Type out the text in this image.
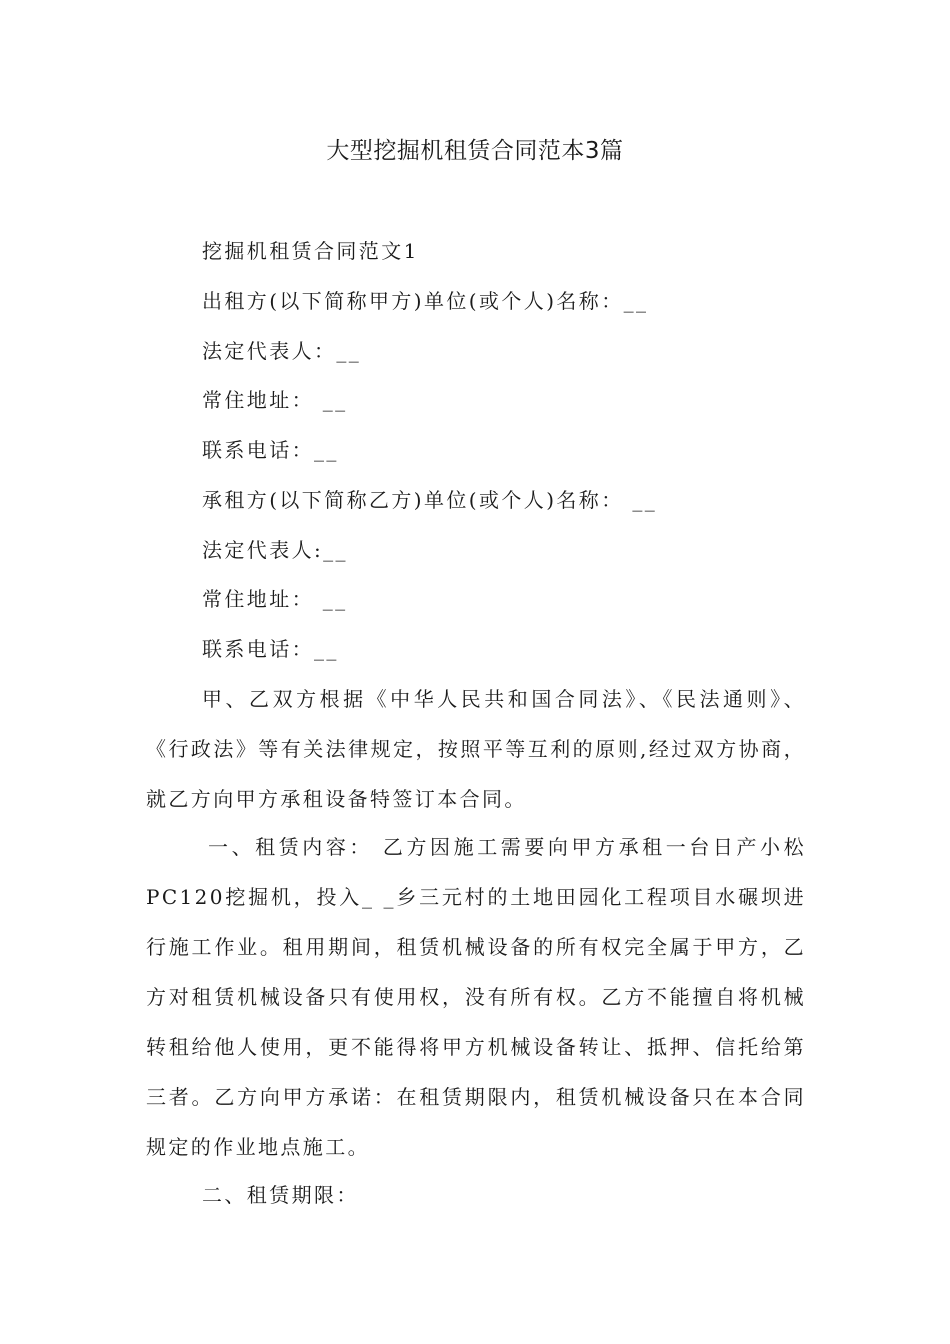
大型挖掘机租赁合同范本3篇
挖掘机租赁合同范文1
出租方(以下简称甲方)单位(或个人)名称：__
法定代表人：__
常住地址： __
联系电话：__
承租方(以下简称乙方)单位(或个人)名称： __
法定代表人:__
常住地址： __
联系电话：__
甲、乙双方根据《中华人民共和国合同法》、《民法通则》、《行政法》等有关法律规定，按照平等互利的原则,经过双方协商，就乙方向甲方承租设备特签订本合同。
一、租赁内容： 乙方因施工需要向甲方承租一台日产小松PC120挖掘机，投入_ _乡三元村的土地田园化工程项目水碾坝进行施工作业。租用期间，租赁机械设备的所有权完全属于甲方，乙方对租赁机械设备只有使用权，没有所有权。乙方不能擅自将机械转租给他人使用，更不能得将甲方机械设备转让、抵押、信托给第三者。乙方向甲方承诺：在租赁期限内，租赁机械设备只在本合同规定的作业地点施工。
二、租赁期限：
